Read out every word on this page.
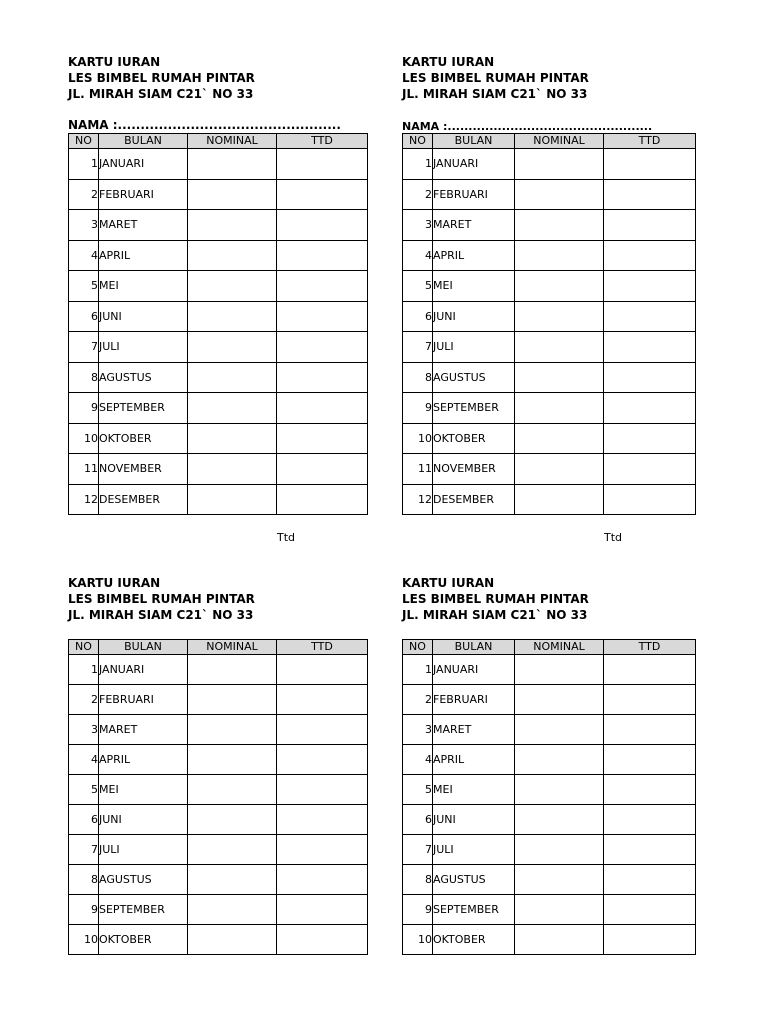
KARTU IURAN
LES BIMBEL RUMAH PINTAR
JL. MIRAH SIAM C21` NO 33
NAMA :.................................................
NO	BULAN	NOMINAL	TTD
1	JANUARI		
2	FEBRUARI		
3	MARET		
4	APRIL		
5	MEI		
6	JUNI		
7	JULI		
8	AGUSTUS		
9	SEPTEMBER		
10	OKTOBER		
11	NOVEMBER		
12	DESEMBER		
Ttd
KARTU IURAN
LES BIMBEL RUMAH PINTAR
JL. MIRAH SIAM C21` NO 33
NAMA :.................................................
NO	BULAN	NOMINAL	TTD
1	JANUARI		
2	FEBRUARI		
3	MARET		
4	APRIL		
5	MEI		
6	JUNI		
7	JULI		
8	AGUSTUS		
9	SEPTEMBER		
10	OKTOBER		
11	NOVEMBER		
12	DESEMBER		
Ttd
KARTU IURAN
LES BIMBEL RUMAH PINTAR
JL. MIRAH SIAM C21` NO 33
NO	BULAN	NOMINAL	TTD
1	JANUARI		
2	FEBRUARI		
3	MARET		
4	APRIL		
5	MEI		
6	JUNI		
7	JULI		
8	AGUSTUS		
9	SEPTEMBER		
10	OKTOBER		
KARTU IURAN
LES BIMBEL RUMAH PINTAR
JL. MIRAH SIAM C21` NO 33
NO	BULAN	NOMINAL	TTD
1	JANUARI		
2	FEBRUARI		
3	MARET		
4	APRIL		
5	MEI		
6	JUNI		
7	JULI		
8	AGUSTUS		
9	SEPTEMBER		
10	OKTOBER		
